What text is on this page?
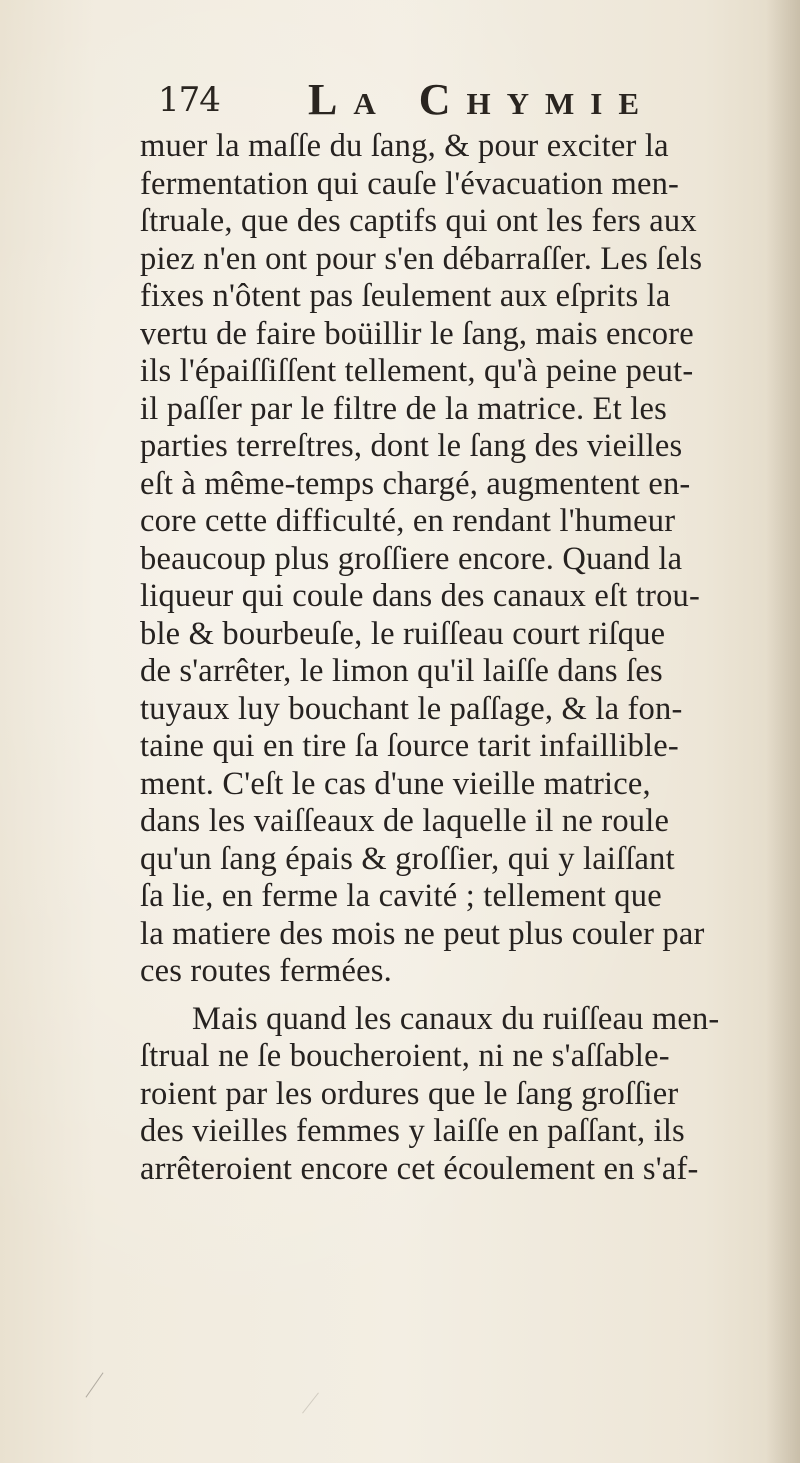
174 La Chymie
muer la maſſe du ſang, & pour exciter la
fermentation qui cauſe l'évacuation men-
ſtruale, que des captifs qui ont les fers aux
piez n'en ont pour s'en débarraſſer. Les ſels
fixes n'ôtent pas ſeulement aux eſprits la
vertu de faire boüillir le ſang, mais encore
ils l'épaiſſiſſent tellement, qu'à peine peut-
il paſſer par le filtre de la matrice. Et les
parties terreſtres, dont le ſang des vieilles
eſt à même-temps chargé, augmentent en-
core cette difficulté, en rendant l'humeur
beaucoup plus groſſiere encore. Quand la
liqueur qui coule dans des canaux eſt trou-
ble & bourbeuſe, le ruiſſeau court riſque
de s'arrêter, le limon qu'il laiſſe dans ſes
tuyaux luy bouchant le paſſage, & la fon-
taine qui en tire ſa ſource tarit infaillible-
ment. C'eſt le cas d'une vieille matrice,
dans les vaiſſeaux de laquelle il ne roule
qu'un ſang épais & groſſier, qui y laiſſant
ſa lie, en ferme la cavité ; tellement que
la matiere des mois ne peut plus couler par
ces routes fermées.
Mais quand les canaux du ruiſſeau men-
ſtrual ne ſe boucheroient, ni ne s'aſſable-
roient par les ordures que le ſang groſſier
des vieilles femmes y laiſſe en paſſant, ils
arrêteroient encore cet écoulement en s'af-
